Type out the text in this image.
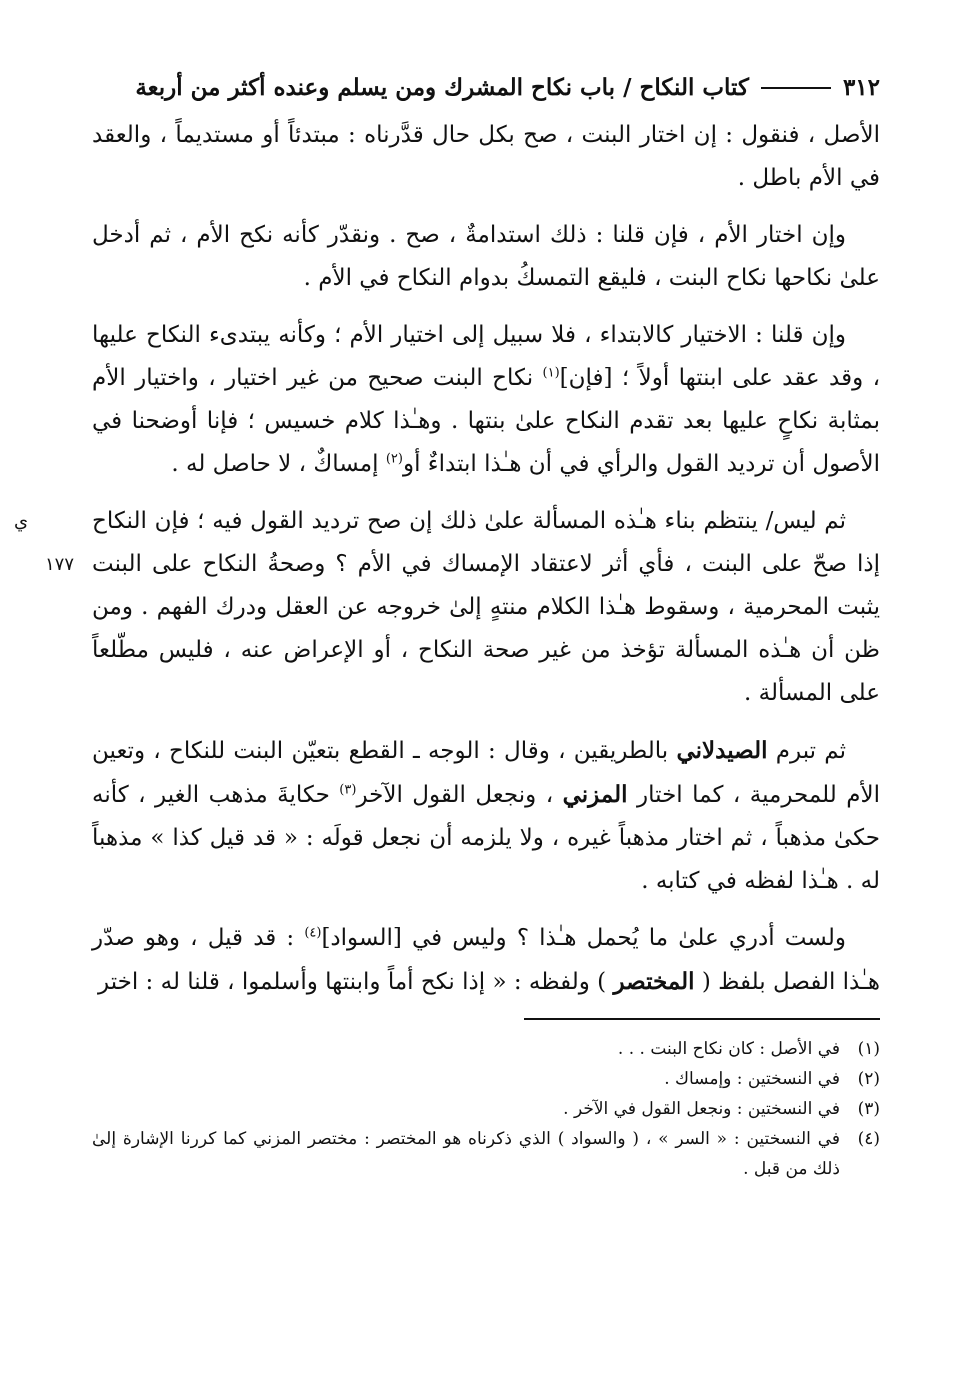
٣١٢
كتاب النكاح / باب نكاح المشرك ومن يسلم وعنده أكثر من أربعة

الأصل ، فنقول : إن اختار البنت ، صح بكل حال قدَّرناه : مبتدئاً أو مستديماً ، والعقد في الأم باطل .

وإن اختار الأم ، فإن قلنا : ذلك استدامةٌ ، صح . ونقدّر كأنه نكح الأم ، ثم أدخل علىٰ نكاحها نكاح البنت ، فليقع التمسكُ بدوام النكاح في الأم .

وإن قلنا : الاختيار كالابتداء ، فلا سبيل إلى اختيار الأم ؛ وكأنه يبتدىء النكاح عليها ، وقد عقد على ابنتها أولاً ؛ [فإن]$^{(١)}$ نكاح البنت صحيح من غير اختيار ، واختيار الأم بمثابة نكاحٍ عليها بعد تقدم النكاح علىٰ بنتها . وهـٰذا كلام خسيس ؛ فإنا أوضحنا في الأصول أن ترديد القول والرأي في أن هـٰذا ابتداءٌ أو$^{(٢)}$ إمساكٌ ، لا حاصل له .

ي ١٧٧
ثم ليس/ ينتظم بناء هـٰذه المسألة علىٰ ذلك إن صح ترديد القول فيه ؛ فإن النكاح إذا صحّ على البنت ، فأي أثر لاعتقاد الإمساك في الأم ؟ وصحةُ النكاح على البنت يثبت المحرمية ، وسقوط هـٰذا الكلام منتهٍ إلىٰ خروجه عن العقل ودرك الفهم . ومن ظن أن هـٰذه المسألة تؤخذ من غير صحة النكاح ، أو الإعراض عنه ، فليس مطّلعاً على المسألة .

ثم تبرم الصيدلاني بالطريقين ، وقال : الوجه ـ القطع بتعيّن البنت للنكاح ، وتعين الأم للمحرمية ، كما اختار المزني ، ونجعل القول الآخر$^{(٣)}$ حكايةَ مذهب الغير ، كأنه حكىٰ مذهباً ، ثم اختار مذهباً غيره ، ولا يلزمه أن نجعل قولَه : « قد قيل كذا » مذهباً له . هـٰذا لفظه في كتابه .

ولست أدري علىٰ ما يُحمل هـٰذا ؟ وليس في [السواد]$^{(٤)}$ : قد قيل ، وهو صدّر هـٰذا الفصل بلفظ ( المختصر ) ولفظه : « إذا نكح أماً وابنتها وأسلموا ، قلنا له : اختر

(١)
في الأصل : كان نكاح البنت . . .
(٢)
في النسختين : وإمساك .
(٣)
في النسختين : ونجعل القول في الآخر .
(٤)
في النسختين : « السر » ، ( والسواد ) الذي ذكرناه هو المختصر : مختصر المزني كما كررنا الإشارة إلىٰ ذلك من قبل .
